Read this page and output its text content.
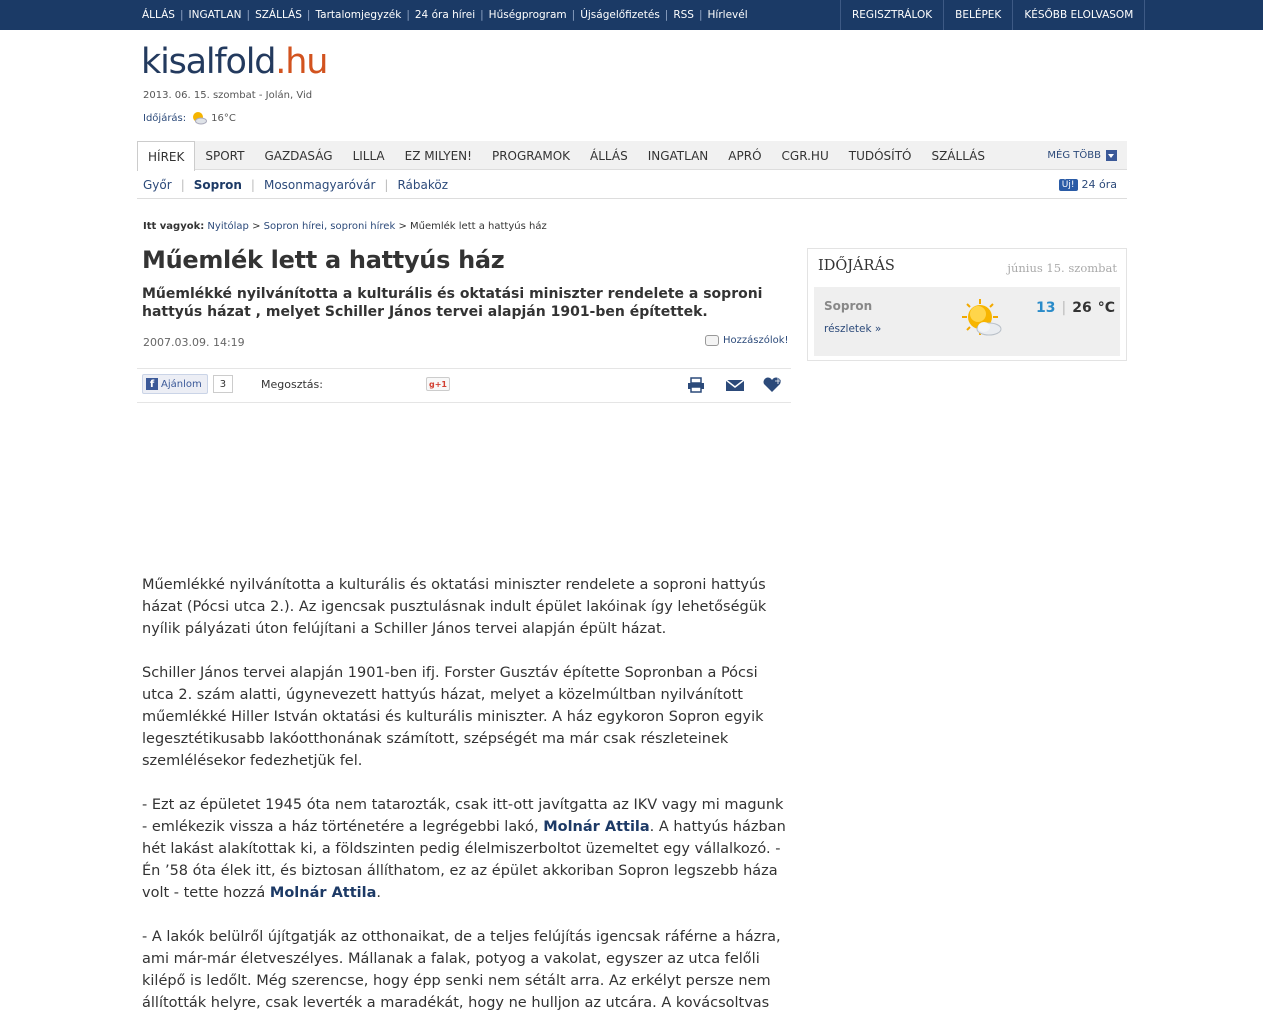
ÁLLÁS | INGATLAN | SZÁLLÁS | Tartalomjegyzék | 24 óra hírei | Hűségprogram | Újságelőfizetés | RSS | Hírlevél	REGISZTRÁLOK	BELÉPEK	KÉSŐBB ELOLVASOM
kisalfold.hu
2013. 06. 15. szombat - Jolán, Vid
Időjárás:	16°C
HÍREK	SPORT	GAZDASÁG	LILLA	EZ MILYEN!	PROGRAMOK	ÁLLÁS	INGATLAN	APRÓ	CGR.HU	TUDÓSÍTÓ	SZÁLLÁS	MÉG TÖBB
Győr | Sopron | Mosonmagyaróvár | Rábaköz	Új! 24 óra
Itt vagyok: Nyitólap > Sopron hírei, soproni hírek > Műemlék lett a hattyús ház
Műemlék lett a hattyús ház
Műemlékké nyilvánította a kulturális és oktatási miniszter rendelete a soproni hattyús házat , melyet Schiller János tervei alapján 1901-ben építettek.
2007.03.09. 14:19	Hozzászólok!
f Ajánlom	3	Megosztás:	g +1

Műemlékké nyilvánította a kulturális és oktatási miniszter rendelete a soproni hattyús házat (Pócsi utca 2.). Az igencsak pusztulásnak indult épület lakóinak így lehetőségük nyílik pályázati úton felújítani a Schiller János tervei alapján épült házat.

Schiller János tervei alapján 1901-ben ifj. Forster Gusztáv építette Sopronban a Pócsi utca 2. szám alatti, úgynevezett hattyús házat, melyet a közelmúltban nyilvánított műemlékké Hiller István oktatási és kulturális miniszter. A ház egykoron Sopron egyik legesztétikusabb lakóotthonának számított, szépségét ma már csak részleteinek szemlélésekor fedezhetjük fel.

- Ezt az épületet 1945 óta nem tatarozták, csak itt-ott javítgatta az IKV vagy mi magunk - emlékezik vissza a ház történetére a legrégebbi lakó, Molnár Attila. A hattyús házban hét lakást alakítottak ki, a földszinten pedig élelmiszerboltot üzemeltet egy vállalkozó. - Én ’58 óta élek itt, és biztosan állíthatom, ez az épület akkoriban Sopron legszebb háza volt - tette hozzá Molnár Attila.

- A lakók belülről újítgatják az otthonaikat, de a teljes felújítás igencsak ráférne a házra, ami már-már életveszélyes. Mállanak a falak, potyog a vakolat, egyszer az utca felőli kilépő is ledőlt. Még szerencse, hogy épp senki nem sétált arra. Az erkélyt persze nem állították helyre, csak leverték a maradékát, hogy ne hulljon az utcára. A kovácsoltvas

IDŐJÁRÁS	június 15. szombat
Sopron
részletek »
13 | 26 °C
